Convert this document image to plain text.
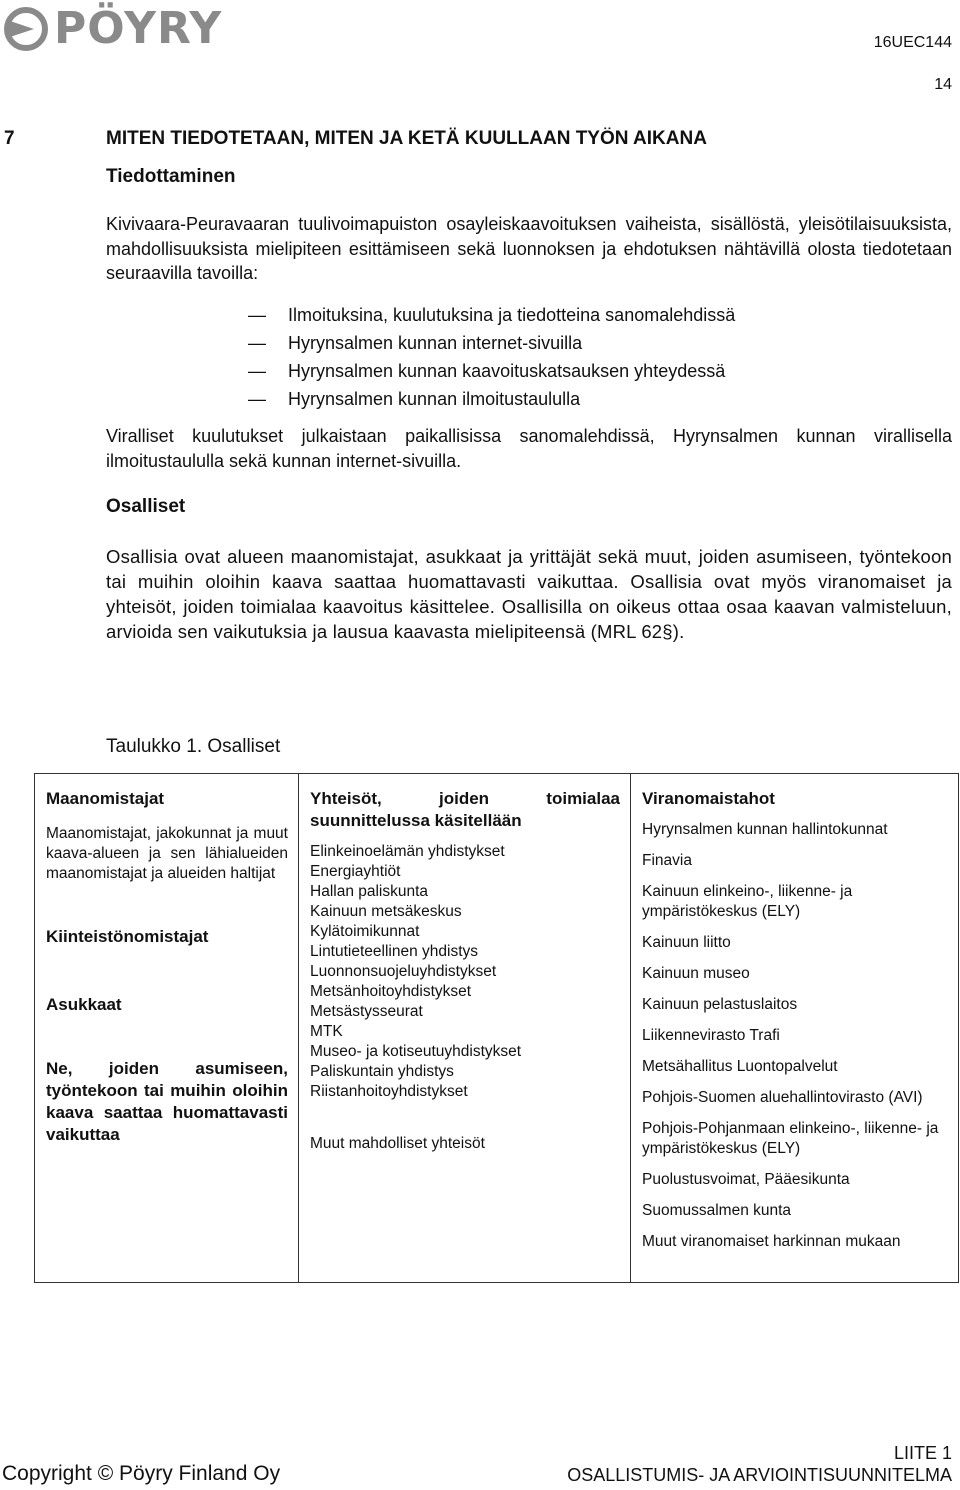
PÖYRY	16UEC144
14
7	MITEN TIEDOTETAAN, MITEN JA KETÄ KUULLAAN TYÖN AIKANA
Tiedottaminen
Kivivaara-Peuravaaran tuulivoimapuiston osayleiskaavoituksen vaiheista, sisällöstä, yleisötilaisuuksista, mahdollisuuksista mielipiteen esittämiseen sekä luonnoksen ja ehdotuksen nähtävillä olosta tiedotetaan seuraavilla tavoilla:
—	Ilmoituksina, kuulutuksina ja tiedotteina sanomalehdissä
—	Hyrynsalmen kunnan internet-sivuilla
—	Hyrynsalmen kunnan kaavoituskatsauksen yhteydessä
—	Hyrynsalmen kunnan ilmoitustaululla
Viralliset kuulutukset julkaistaan paikallisissa sanomalehdissä, Hyrynsalmen kunnan virallisella ilmoitustaululla sekä kunnan internet-sivuilla.
Osalliset
Osallisia ovat alueen maanomistajat, asukkaat ja yrittäjät sekä muut, joiden asumiseen, työntekoon tai muihin oloihin kaava saattaa huomattavasti vaikuttaa. Osallisia ovat myös viranomaiset ja yhteisöt, joiden toimialaa kaavoitus käsittelee. Osallisilla on oikeus ottaa osaa kaavan valmisteluun, arvioida sen vaikutuksia ja lausua kaavasta mielipiteensä (MRL 62§).
Taulukko 1. Osalliset
Maanomistajat
Maanomistajat, jakokunnat ja muut kaava-alueen ja sen lähialueiden maanomistajat ja alueiden haltijat
Kiinteistönomistajat
Asukkaat
Ne, joiden asumiseen, työntekoon tai muihin oloihin kaava saattaa huomattavasti vaikuttaa

Yhteisöt, joiden toimialaa suunnittelussa käsitellään
Elinkeinoelämän yhdistykset
Energiayhtiöt
Hallan paliskunta
Kainuun metsäkeskus
Kylätoimikunnat
Lintutieteellinen yhdistys
Luonnonsuojeluyhdistykset
Metsänhoitoyhdistykset
Metsästysseurat
MTK
Museo- ja kotiseutuyhdistykset
Paliskuntain yhdistys
Riistanhoitoyhdistykset
Muut mahdolliset yhteisöt

Viranomaistahot
Hyrynsalmen kunnan hallintokunnat
Finavia
Kainuun elinkeino-, liikenne- ja ympäristökeskus (ELY)
Kainuun liitto
Kainuun museo
Kainuun pelastuslaitos
Liikennevirasto Trafi
Metsähallitus Luontopalvelut
Pohjois-Suomen aluehallintovirasto (AVI)
Pohjois-Pohjanmaan elinkeino-, liikenne- ja ympäristökeskus (ELY)
Puolustusvoimat, Pääesikunta
Suomussalmen kunta
Muut viranomaiset harkinnan mukaan
LIITE 1
Copyright © Pöyry Finland Oy	OSALLISTUMIS- JA ARVIOINTISUUNNITELMA
